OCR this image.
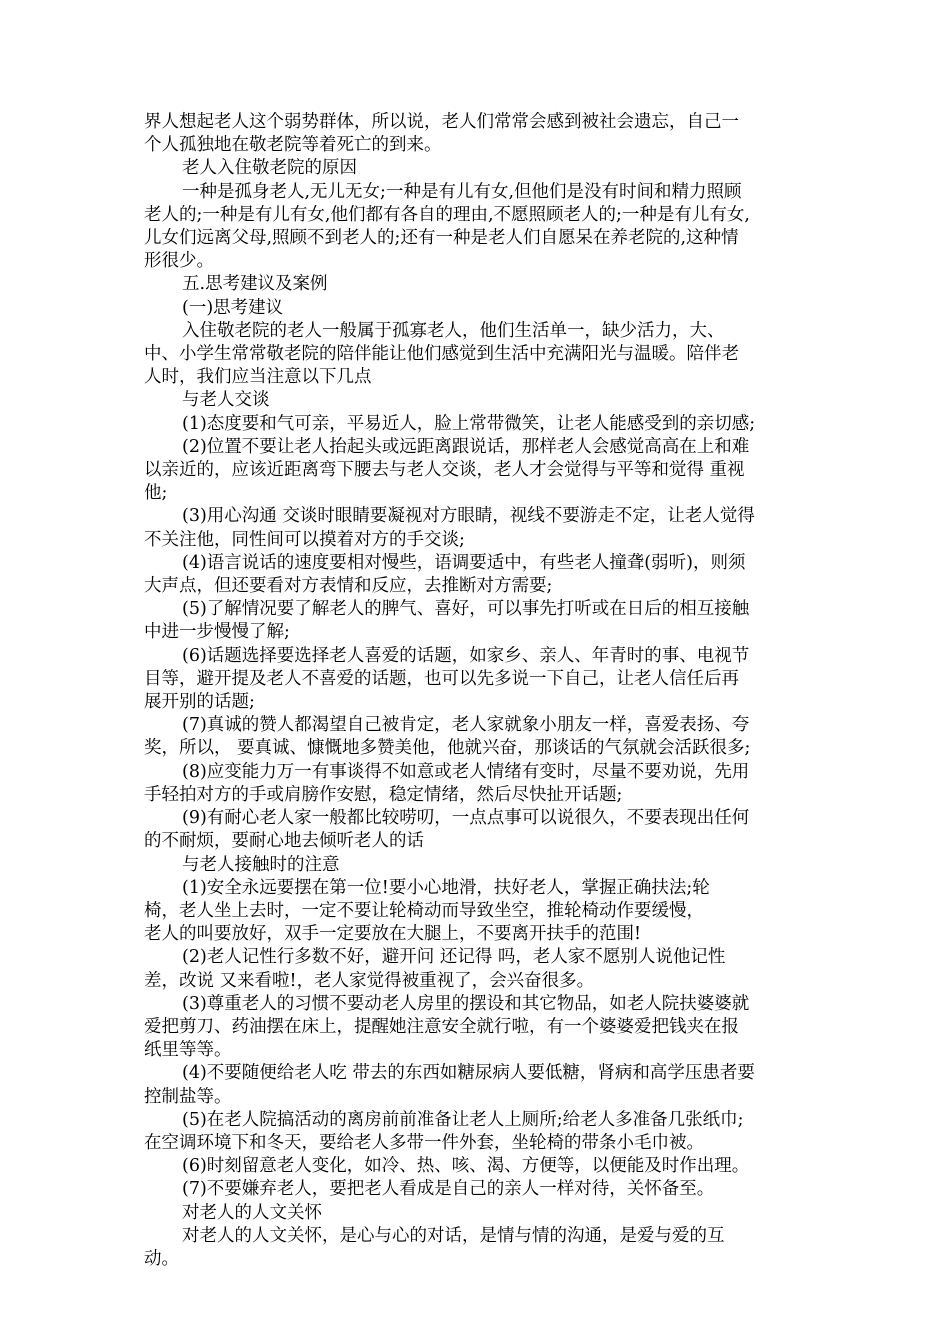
界人想起老人这个弱势群体，所以说，老人们常常会感到被社会遗忘，自己一
个人孤独地在敬老院等着死亡的到来。
老人入住敬老院的原因
一种是孤身老人,无儿无女;一种是有儿有女,但他们是没有时间和精力照顾
老人的;一种是有儿有女,他们都有各自的理由,不愿照顾老人的;一种是有儿有女,
儿女们远离父母,照顾不到老人的;还有一种是老人们自愿呆在养老院的,这种情
形很少。
五.思考建议及案例
(一)思考建议
入住敬老院的老人一般属于孤寡老人，他们生活单一，缺少活力，大、
中、小学生常常敬老院的陪伴能让他们感觉到生活中充满阳光与温暖。陪伴老
人时，我们应当注意以下几点
与老人交谈
(1)态度要和气可亲，平易近人，脸上常带微笑，让老人能感受到的亲切感;
(2)位置不要让老人抬起头或远距离跟说话，那样老人会感觉高高在上和难
以亲近的，应该近距离弯下腰去与老人交谈，老人才会觉得与平等和觉得 重视
他;
(3)用心沟通 交谈时眼睛要凝视对方眼睛，视线不要游走不定，让老人觉得
不关注他，同性间可以摸着对方的手交谈;
(4)语言说话的速度要相对慢些，语调要适中，有些老人撞聋(弱听)，则须
大声点，但还要看对方表情和反应，去推断对方需要;
(5)了解情况要了解老人的脾气、喜好，可以事先打听或在日后的相互接触
中进一步慢慢了解;
(6)话题选择要选择老人喜爱的话题，如家乡、亲人、年青时的事、电视节
目等，避开提及老人不喜爱的话题，也可以先多说一下自己，让老人信任后再
展开别的话题;
(7)真诚的赞人都渴望自己被肯定，老人家就象小朋友一样，喜爱表扬、夸
奖，所以， 要真诚、慷慨地多赞美他，他就兴奋，那谈话的气氛就会活跃很多;
(8)应变能力万一有事谈得不如意或老人情绪有变时，尽量不要劝说，先用
手轻拍对方的手或肩膀作安慰，稳定情绪，然后尽快扯开话题;
(9)有耐心老人家一般都比较唠叨，一点点事可以说很久，不要表现出任何
的不耐烦，要耐心地去倾听老人的话
与老人接触时的注意
(1)安全永远要摆在第一位!要小心地滑，扶好老人，掌握正确扶法;轮
椅，老人坐上去时，一定不要让轮椅动而导致坐空，推轮椅动作要缓慢，
老人的叫要放好，双手一定要放在大腿上，不要离开扶手的范围!
(2)老人记性行多数不好，避开问 还记得 吗，老人家不愿别人说他记性
差，改说 又来看啦!，老人家觉得被重视了，会兴奋很多。
(3)尊重老人的习惯不要动老人房里的摆设和其它物品，如老人院扶婆婆就
爱把剪刀、药油摆在床上，提醒她注意安全就行啦，有一个婆婆爱把钱夹在报
纸里等等。
(4)不要随便给老人吃 带去的东西如糖尿病人要低糖，肾病和高学压患者要
控制盐等。
(5)在老人院搞活动的离房前前准备让老人上厕所;给老人多准备几张纸巾;
在空调环境下和冬天，要给老人多带一件外套，坐轮椅的带条小毛巾被。
(6)时刻留意老人变化，如冷、热、咳、渴、方便等，以便能及时作出理。
(7)不要嫌弃老人，要把老人看成是自己的亲人一样对待，关怀备至。
对老人的人文关怀
对老人的人文关怀，是心与心的对话，是情与情的沟通，是爱与爱的互
动。
